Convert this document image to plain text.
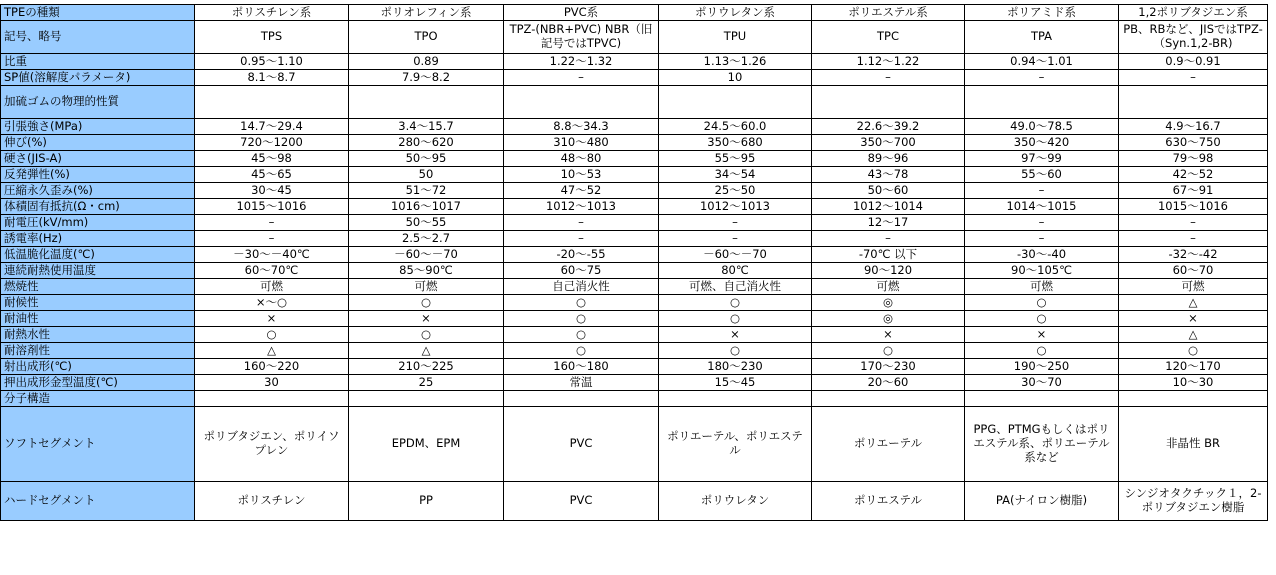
TPEの種類	ポリスチレン系	ポリオレフィン系	PVC系	ポリウレタン系	ポリエステル系	ポリアミド系	1,2ポリブタジエン系
記号、略号	TPS	TPO	TPZ-(NBR+PVC) NBR（旧記号ではTPVC)	TPU	TPC	TPA	PB、RBなど、JISではTPZ-（Syn.1,2-BR)
比重	0.95〜1.10	0.89	1.22〜1.32	1.13〜1.26	1.12〜1.22	0.94〜1.01	0.9〜0.91
SP値(溶解度パラメータ)	8.1〜8.7	7.9〜8.2	–	10	–	–	–
加硫ゴムの物理的性質							
引張強さ(MPa)	14.7〜29.4	3.4〜15.7	8.8〜34.3	24.5〜60.0	22.6〜39.2	49.0〜78.5	4.9〜16.7
伸び(%)	720〜1200	280〜620	310〜480	350〜680	350〜700	350〜420	630〜750
硬さ(JIS-A)	45〜98	50〜95	48〜80	55〜95	89〜96	97〜99	79〜98
反発弾性(%)	45〜65	50	10〜53	34〜54	43〜78	55〜60	42〜52
圧縮永久歪み(%)	30〜45	51〜72	47〜52	25〜50	50〜60	–	67〜91
体積固有抵抗(Ω・cm)	1015〜1016	1016〜1017	1012〜1013	1012〜1013	1012〜1014	1014〜1015	1015〜1016
耐電圧(kV/mm)	–	50〜55	–	–	12〜17	–	–
誘電率(Hz)	–	2.5〜2.7	–	–	–	–	–
低温脆化温度(℃)	－30〜－40℃	－60〜－70	-20〜-55	－60〜－70	-70℃ 以下	-30〜-40	-32〜-42
連続耐熱使用温度	60〜70℃	85〜90℃	60〜75	80℃	90〜120	90〜105℃	60〜70
燃焼性	可燃	可燃	自己消火性	可燃、自己消火性	可燃	可燃	可燃
耐候性	×〜○	○	○	○	◎	○	△
耐油性	×	×	○	○	◎	○	×
耐熱水性	○	○	○	×	×	×	△
耐溶剤性	△	△	○	○	○	○	○
射出成形(℃)	160〜220	210〜225	160〜180	180〜230	170〜230	190〜250	120〜170
押出成形金型温度(℃)	30	25	常温	15〜45	20〜60	30〜70	10〜30
分子構造							
ソフトセグメント	ポリブタジエン、ポリイソプレン	EPDM、EPM	PVC	ポリエーテル、ポリエステル	ポリエーテル	PPG、PTMGもしくはポリエステル系、ポリエーテル系など	非晶性 BR
ハードセグメント	ポリスチレン	PP	PVC	ポリウレタン	ポリエステル	PA(ナイロン樹脂)	シンジオタクチック１，2-ポリブタジエン樹脂
